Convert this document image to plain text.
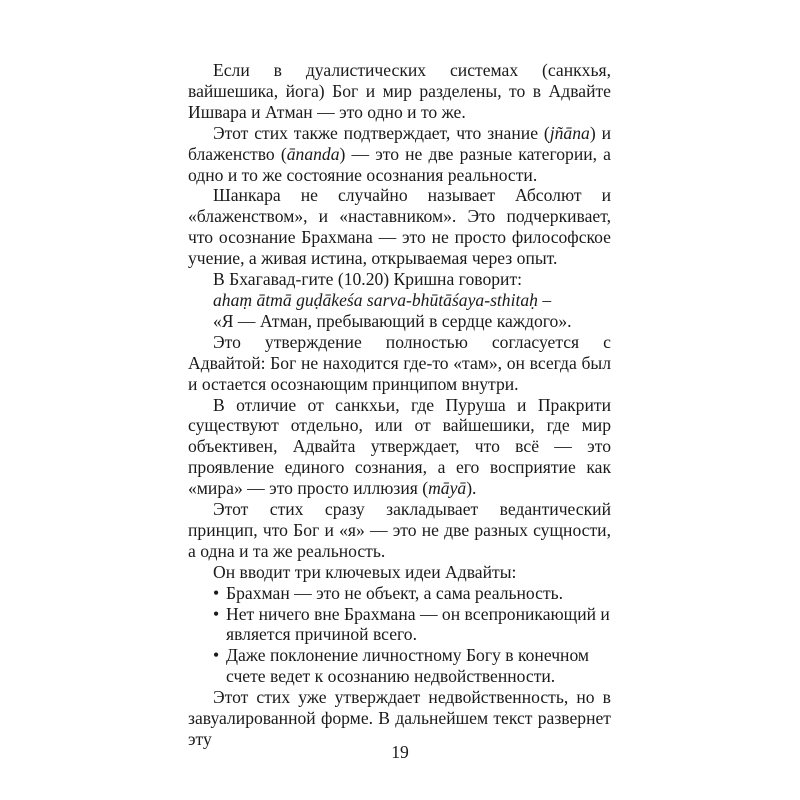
Если в дуалистических системах (санкхья, вайшешика, йога) Бог и мир разделены, то в Адвайте Ишвара и Атман — это одно и то же.

Этот стих также подтверждает, что знание (jñāna) и блаженство (ānanda) — это не две разные категории, а одно и то же состояние осознания реальности.

Шанкара не случайно называет Абсолют и «блаженством», и «наставником». Это подчеркивает, что осознание Брахмана — это не просто философское учение, а живая истина, открываемая через опыт.

В Бхагавад-гите (10.20) Кришна говорит:

ahaṃ ātmā guḍākeśa sarva-bhūtāśaya-sthitaḥ –

«Я — Атман, пребывающий в сердце каждого».

Это утверждение полностью согласуется с Адвайтой: Бог не находится где-то «там», он всегда был и остается осознающим принципом внутри.

В отличие от санкхьи, где Пуруша и Пракрити существуют отдельно, или от вайшешики, где мир объективен, Адвайта утверждает, что всё — это проявление единого сознания, а его восприятие как «мира» — это просто иллюзия (māyā).

Этот стих сразу закладывает ведантический принцип, что Бог и «я» — это не две разных сущности, а одна и та же реальность.

Он вводит три ключевых идеи Адвайты:

• Брахман — это не объект, а сама реальность.
• Нет ничего вне Брахмана — он всепроникающий и является причиной всего.
• Даже поклонение личностному Богу в конечном счете ведет к осознанию недвойственности.

Этот стих уже утверждает недвойственность, но в завуалированной форме. В дальнейшем текст развернет эту

19
